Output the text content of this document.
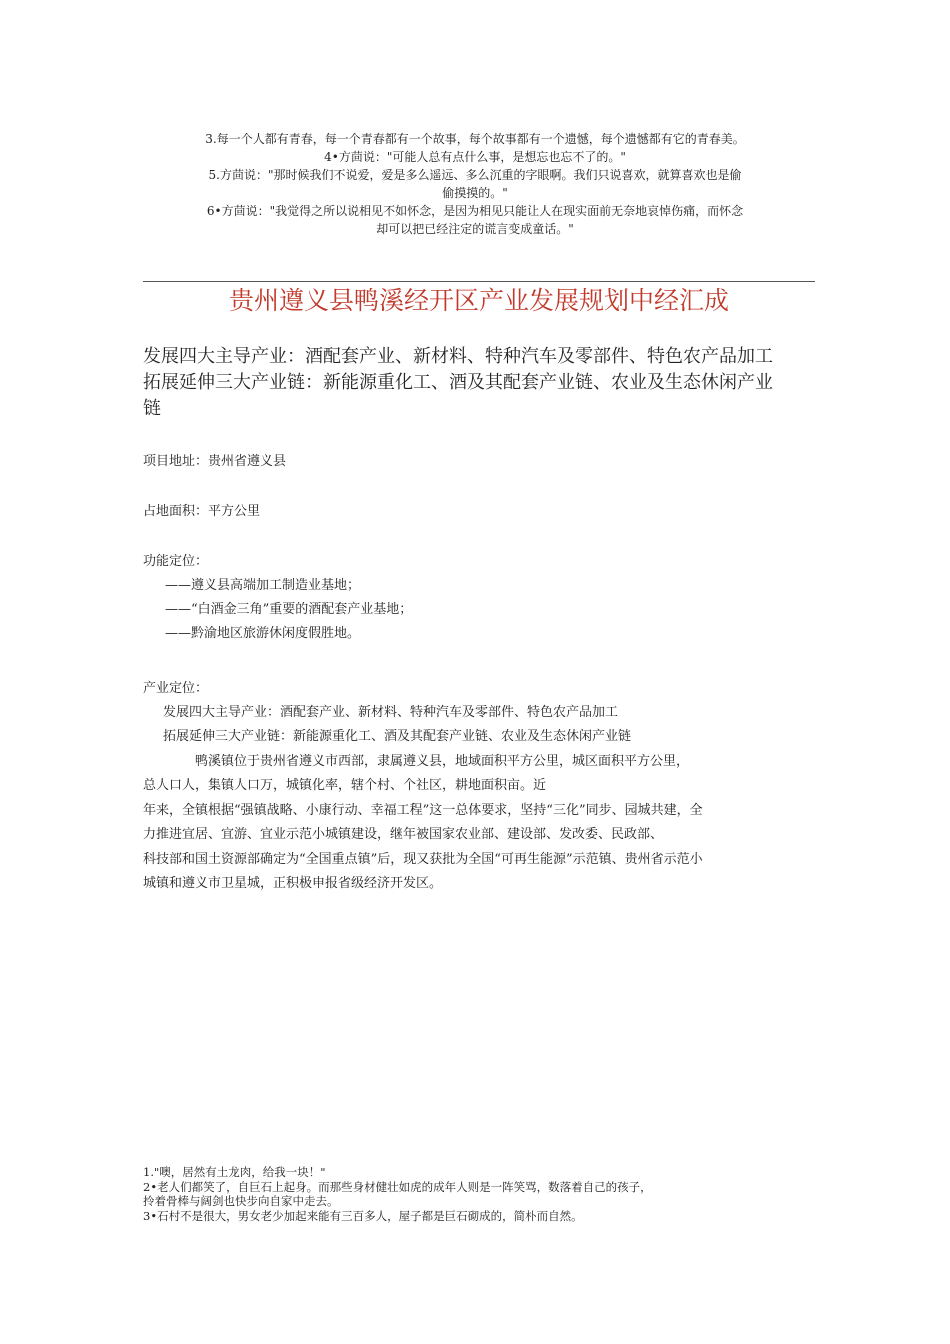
3.每一个人都有青春，每一个青春都有一个故事，每个故事都有一个遗憾，每个遗憾都有它的青春美。

4•方茴说："可能人总有点什么事，是想忘也忘不了的。"

5.方茴说："那时候我们不说爱，爱是多么遥远、多么沉重的字眼啊。我们只说喜欢，就算喜欢也是偷

偷摸摸的。"

6•方茴说："我觉得之所以说相见不如怀念，是因为相见只能让人在现实面前无奈地哀悼伤痛，而怀念

却可以把已经注定的谎言变成童话。"

贵州遵义县鸭溪经开区产业发展规划中经汇成

发展四大主导产业：酒配套产业、新材料、特种汽车及零部件、特色农产品加工

拓展延伸三大产业链：新能源重化工、酒及其配套产业链、农业及生态休闲产业

链

项目地址：贵州省遵义县

占地面积：平方公里

功能定位：

——遵义县高端加工制造业基地；

——“白酒金三角”重要的酒配套产业基地；

——黔渝地区旅游休闲度假胜地。

产业定位：

发展四大主导产业：酒配套产业、新材料、特种汽车及零部件、特色农产品加工

拓展延伸三大产业链：新能源重化工、酒及其配套产业链、农业及生态休闲产业链

鸭溪镇位于贵州省遵义市西部，隶属遵义县，地域面积平方公里，城区面积平方公里，

总人口人，集镇人口万，城镇化率，辖个村、个社区，耕地面积亩。近

年来，全镇根据“强镇战略、小康行动、幸福工程”这一总体要求，坚持“三化”同步、园城共建，全

力推进宜居、宜游、宜业示范小城镇建设，继年被国家农业部、建设部、发改委、民政部、

科技部和国土资源部确定为“全国重点镇”后，现又获批为全国“可再生能源”示范镇、贵州省示范小

城镇和遵义市卫星城，正积极申报省级经济开发区。

1."噢，居然有土龙肉，给我一块！"

2•老人们都笑了，自巨石上起身。而那些身材健壮如虎的成年人则是一阵笑骂，数落着自己的孩子，

拎着骨棒与阔剑也快步向自家中走去。

3•石村不是很大，男女老少加起来能有三百多人，屋子都是巨石砌成的，简朴而自然。
